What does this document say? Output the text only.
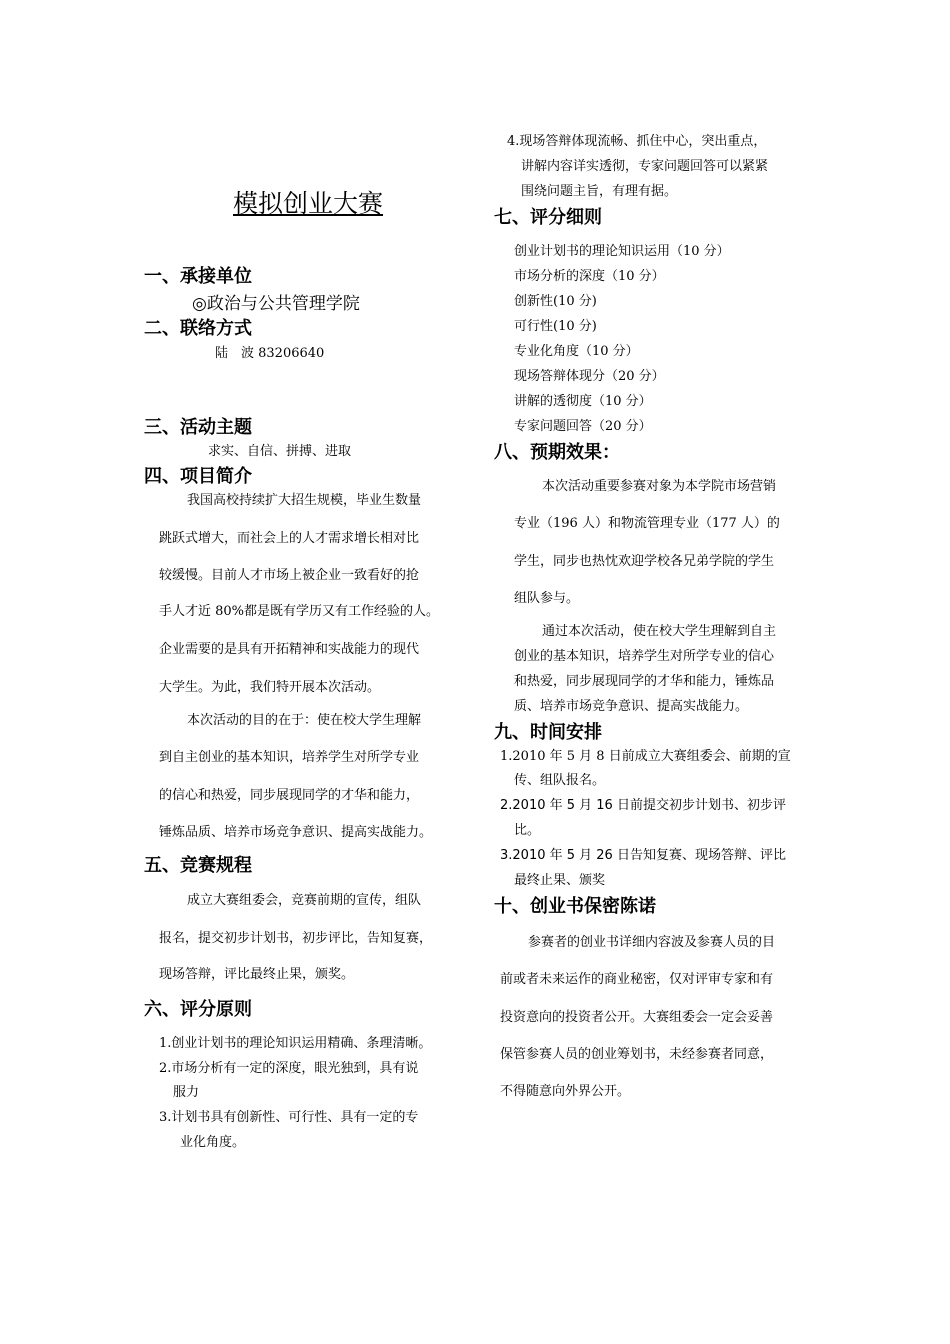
模拟创业大赛
一、承接单位
◎政治与公共管理学院
二、联络方式
陆　波 83206640
三、活动主题
求实、自信、拼搏、进取
四、项目简介
我国高校持续扩大招生规模，毕业生数量
跳跃式增大，而社会上的人才需求增长相对比
较缓慢。目前人才市场上被企业一致看好的抢
手人才近 80%都是既有学历又有工作经验的人。
企业需要的是具有开拓精神和实战能力的现代
大学生。为此，我们特开展本次活动。
本次活动的目的在于：使在校大学生理解
到自主创业的基本知识，培养学生对所学专业
的信心和热爱，同步展现同学的才华和能力，
锤炼品质、培养市场竞争意识、提高实战能力。
五、竞赛规程
成立大赛组委会，竞赛前期的宣传，组队
报名，提交初步计划书，初步评比，告知复赛，
现场答辩，评比最终止果，颁奖。
六、评分原则
1.创业计划书的理论知识运用精确、条理清晰。
2.市场分析有一定的深度，眼光独到，具有说
服力
3.计划书具有创新性、可行性、具有一定的专
业化角度。
4.现场答辩体现流畅、抓住中心，突出重点，
讲解内容详实透彻，专家问题回答可以紧紧
围绕问题主旨，有理有据。
七、评分细则
创业计划书的理论知识运用（10 分）
市场分析的深度（10 分）
创新性(10 分)
可行性(10 分)
专业化角度（10 分）
现场答辩体现分（20 分）
讲解的透彻度（10 分）
专家问题回答（20 分）
八、预期效果：
本次活动重要参赛对象为本学院市场营销
专业（196 人）和物流管理专业（177 人）的
学生，同步也热忱欢迎学校各兄弟学院的学生
组队参与。
通过本次活动，使在校大学生理解到自主
创业的基本知识，培养学生对所学专业的信心
和热爱，同步展现同学的才华和能力，锤炼品
质、培养市场竞争意识、提高实战能力。
九、时间安排
1.2010 年 5 月 8 日前成立大赛组委会、前期的宣
传、组队报名。
2.2010 年 5 月 16 日前提交初步计划书、初步评
比。
3.2010 年 5 月 26 日告知复赛、现场答辩、评比
最终止果、颁奖
十、创业书保密陈诺
参赛者的创业书详细内容波及参赛人员的目
前或者未来运作的商业秘密，仅对评审专家和有
投资意向的投资者公开。大赛组委会一定会妥善
保管参赛人员的创业筹划书，未经参赛者同意，
不得随意向外界公开。
